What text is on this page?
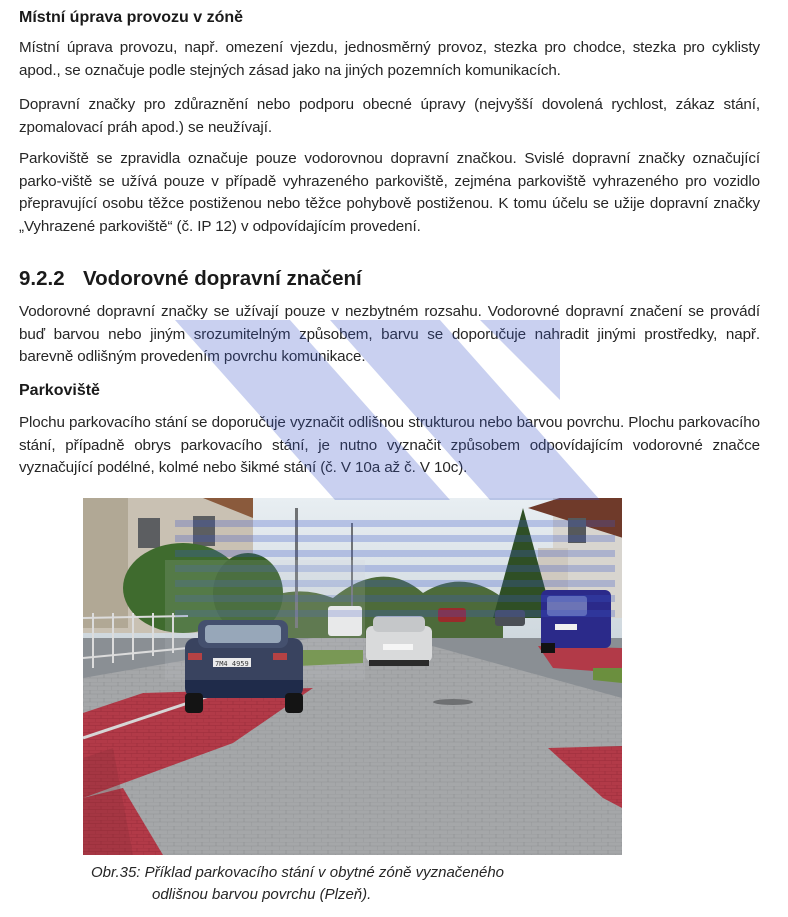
Místní úprava provozu v zóně

Místní úprava provozu, např. omezení vjezdu, jednosměrný provoz, stezka pro chodce, stezka pro cyklisty apod., se označuje podle stejných zásad jako na jiných pozemních komunikacích.

Dopravní značky pro zdůraznění nebo podporu obecné úpravy (nejvyšší dovolená rychlost, zákaz stání, zpomalovací práh apod.) se neužívají.

Parkoviště se zpravidla označuje pouze vodorovnou dopravní značkou. Svislé dopravní značky označující parko-viště se užívá pouze v případě vyhrazeného parkoviště, zejména parkoviště vyhrazeného pro vozidlo přepravující osobu těžce postiženou nebo těžce pohybově postiženou. K tomu účelu se užije dopravní značky „Vyhrazené parkoviště“ (č. IP 12) v odpovídajícím provedení.

9.2.2 Vodorovné dopravní značení

Vodorovné dopravní značky se užívají pouze v nezbytném rozsahu. Vodorovné dopravní značení se provádí buď barvou nebo jiným srozumitelným způsobem, barvu se doporučuje nahradit jinými prostředky, např. barevně odlišným provedením povrchu komunikace.

Parkoviště

Plochu parkovacího stání se doporučuje vyznačit odlišnou strukturou nebo barvou povrchu. Plochu parkovacího stání, případně obrys parkovacího stání, je nutno vyznačit způsobem odpovídajícím vodorovné značce vyznačující podélné, kolmé nebo šikmé stání (č. V 10a až č. V 10c).

7M4 4959

Obr.35: Příklad parkovacího stání v obytné zóně vyznačeného
odlišnou barvou povrchu (Plzeň).
